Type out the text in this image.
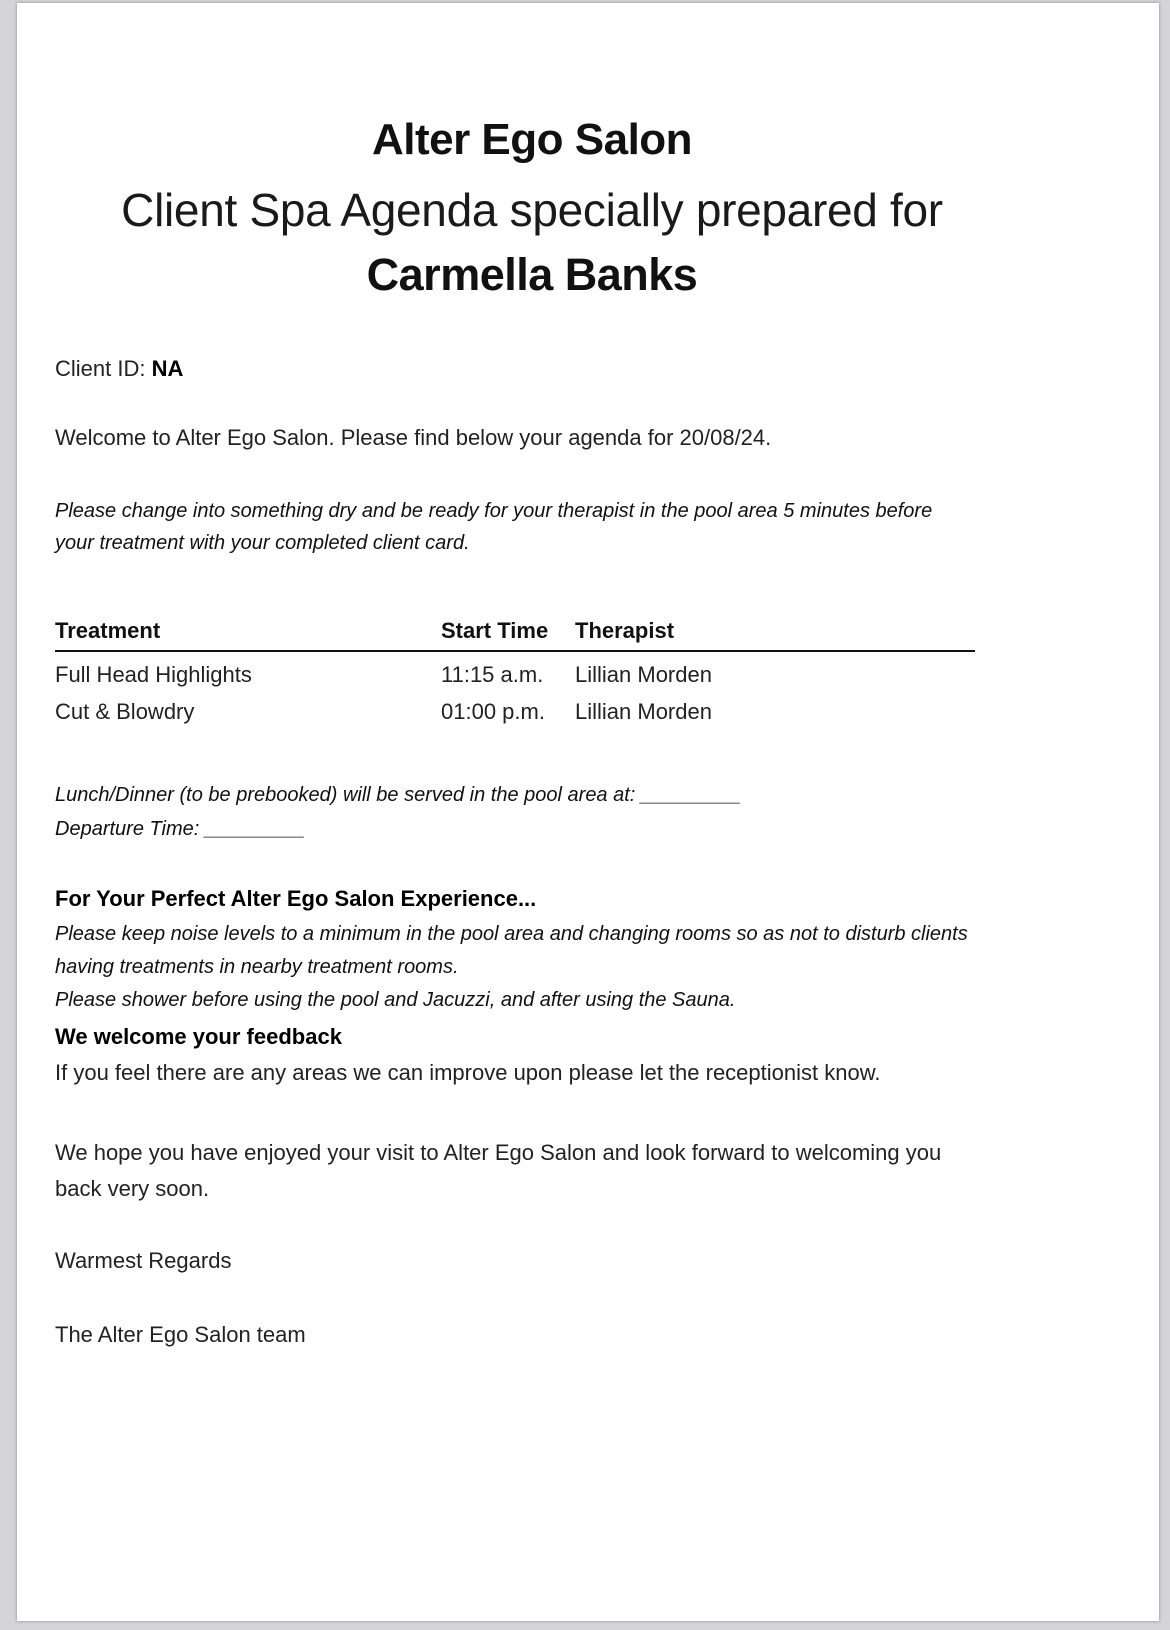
Alter Ego Salon
Client Spa Agenda specially prepared for
Carmella Banks
Client ID: NA
Welcome to Alter Ego Salon. Please find below your agenda for 20/08/24.
Please change into something dry and be ready for your therapist in the pool area 5 minutes before your treatment with your completed client card.
Treatment	Start Time Therapist
Full Head Highlights	11:15 a.m. Lillian Morden
Cut & Blowdry	01:00 p.m. Lillian Morden
Lunch/Dinner (to be prebooked) will be served in the pool area at: _________
Departure Time: _________
For Your Perfect Alter Ego Salon Experience...
Please keep noise levels to a minimum in the pool area and changing rooms so as not to disturb clients having treatments in nearby treatment rooms.
Please shower before using the pool and Jacuzzi, and after using the Sauna.
We welcome your feedback
If you feel there are any areas we can improve upon please let the receptionist know.
We hope you have enjoyed your visit to Alter Ego Salon and look forward to welcoming you back very soon.
Warmest Regards
The Alter Ego Salon team
